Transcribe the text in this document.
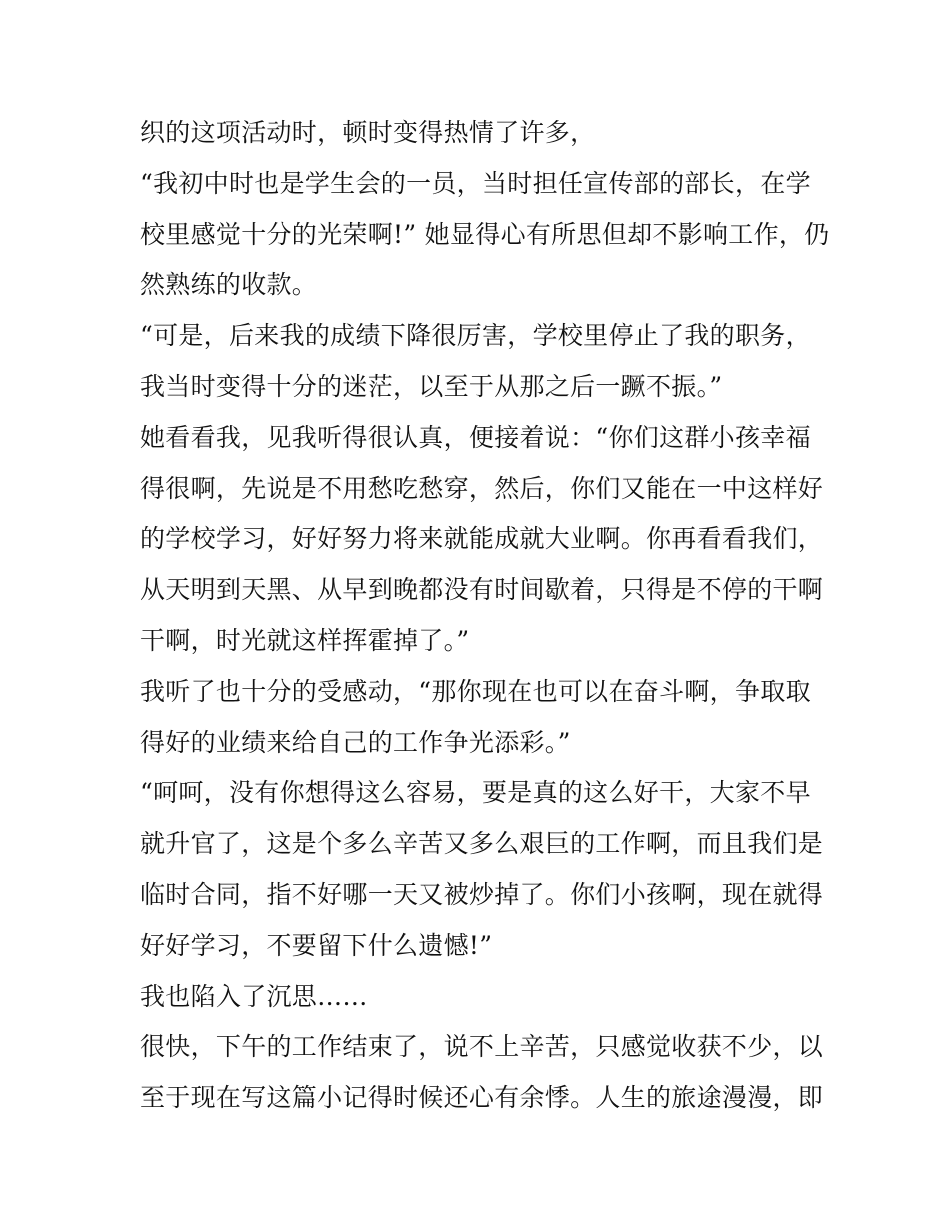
织的这项活动时，顿时变得热情了许多，
“我初中时也是学生会的一员，当时担任宣传部的部长，在学
校里感觉十分的光荣啊!” 她显得心有所思但却不影响工作，仍
然熟练的收款。
“可是，后来我的成绩下降很厉害，学校里停止了我的职务，
我当时变得十分的迷茫，以至于从那之后一蹶不振。”
她看看我，见我听得很认真，便接着说：“你们这群小孩幸福
得很啊，先说是不用愁吃愁穿，然后，你们又能在一中这样好
的学校学习，好好努力将来就能成就大业啊。你再看看我们，
从天明到天黑、从早到晚都没有时间歇着，只得是不停的干啊
干啊，时光就这样挥霍掉了。”
我听了也十分的受感动，“那你现在也可以在奋斗啊，争取取
得好的业绩来给自己的工作争光添彩。”
“呵呵，没有你想得这么容易，要是真的这么好干，大家不早
就升官了，这是个多么辛苦又多么艰巨的工作啊，而且我们是
临时合同，指不好哪一天又被炒掉了。你们小孩啊，现在就得
好好学习，不要留下什么遗憾!”
我也陷入了沉思……
很快，下午的工作结束了，说不上辛苦，只感觉收获不少，以
至于现在写这篇小记得时候还心有余悸。人生的旅途漫漫，即
